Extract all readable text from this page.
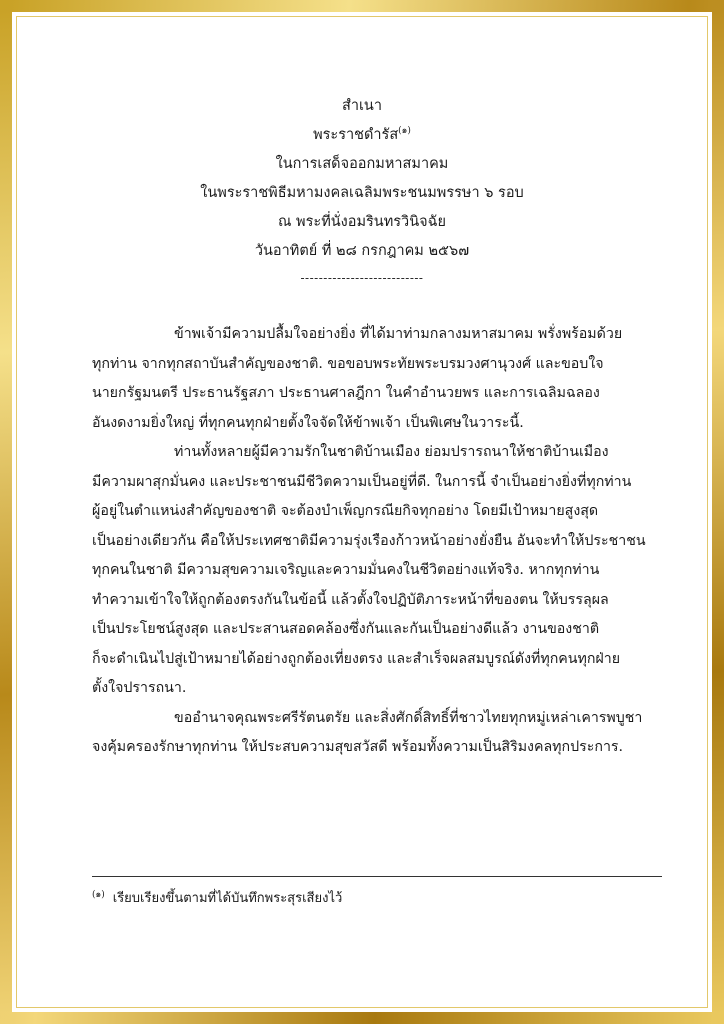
สำเนา
พระราชดำรัส$^{(๑)}$
ในการเสด็จออกมหาสมาคม
ในพระราชพิธีมหามงคลเฉลิมพระชนมพรรษา ๖ รอบ
ณ พระที่นั่งอมรินทรวินิจฉัย
วันอาทิตย์ ที่ ๒๘ กรกฎาคม ๒๕๖๗
---------------------------

ข้าพเจ้ามีความปลื้มใจอย่างยิ่ง ที่ได้มาท่ามกลางมหาสมาคม พรั่งพร้อมด้วย
ทุกท่าน จากทุกสถาบันสำคัญของชาติ. ขอขอบพระทัยพระบรมวงศานุวงศ์ และขอบใจ
นายกรัฐมนตรี ประธานรัฐสภา ประธานศาลฎีกา ในคำอำนวยพร และการเฉลิมฉลอง
อันงดงามยิ่งใหญ่ ที่ทุกคนทุกฝ่ายตั้งใจจัดให้ข้าพเจ้า เป็นพิเศษในวาระนี้.

ท่านทั้งหลายผู้มีความรักในชาติบ้านเมือง ย่อมปรารถนาให้ชาติบ้านเมือง
มีความผาสุกมั่นคง และประชาชนมีชีวิตความเป็นอยู่ที่ดี. ในการนี้ จำเป็นอย่างยิ่งที่ทุกท่าน
ผู้อยู่ในตำแหน่งสำคัญของชาติ จะต้องบำเพ็ญกรณียกิจทุกอย่าง โดยมีเป้าหมายสูงสุด
เป็นอย่างเดียวกัน คือให้ประเทศชาติมีความรุ่งเรืองก้าวหน้าอย่างยั่งยืน อันจะทำให้ประชาชน
ทุกคนในชาติ มีความสุขความเจริญและความมั่นคงในชีวิตอย่างแท้จริง. หากทุกท่าน
ทำความเข้าใจให้ถูกต้องตรงกันในข้อนี้ แล้วตั้งใจปฏิบัติภาระหน้าที่ของตน ให้บรรลุผล
เป็นประโยชน์สูงสุด และประสานสอดคล้องซึ่งกันและกันเป็นอย่างดีแล้ว งานของชาติ
ก็จะดำเนินไปสู่เป้าหมายได้อย่างถูกต้องเที่ยงตรง และสำเร็จผลสมบูรณ์ดังที่ทุกคนทุกฝ่าย
ตั้งใจปรารถนา.

ขออำนาจคุณพระศรีรัตนตรัย และสิ่งศักดิ์สิทธิ์ที่ชาวไทยทุกหมู่เหล่าเคารพบูชา
จงคุ้มครองรักษาทุกท่าน ให้ประสบความสุขสวัสดี พร้อมทั้งความเป็นสิริมงคลทุกประการ.

$^{(๑)}$ เรียบเรียงขึ้นตามที่ได้บันทึกพระสุรเสียงไว้
